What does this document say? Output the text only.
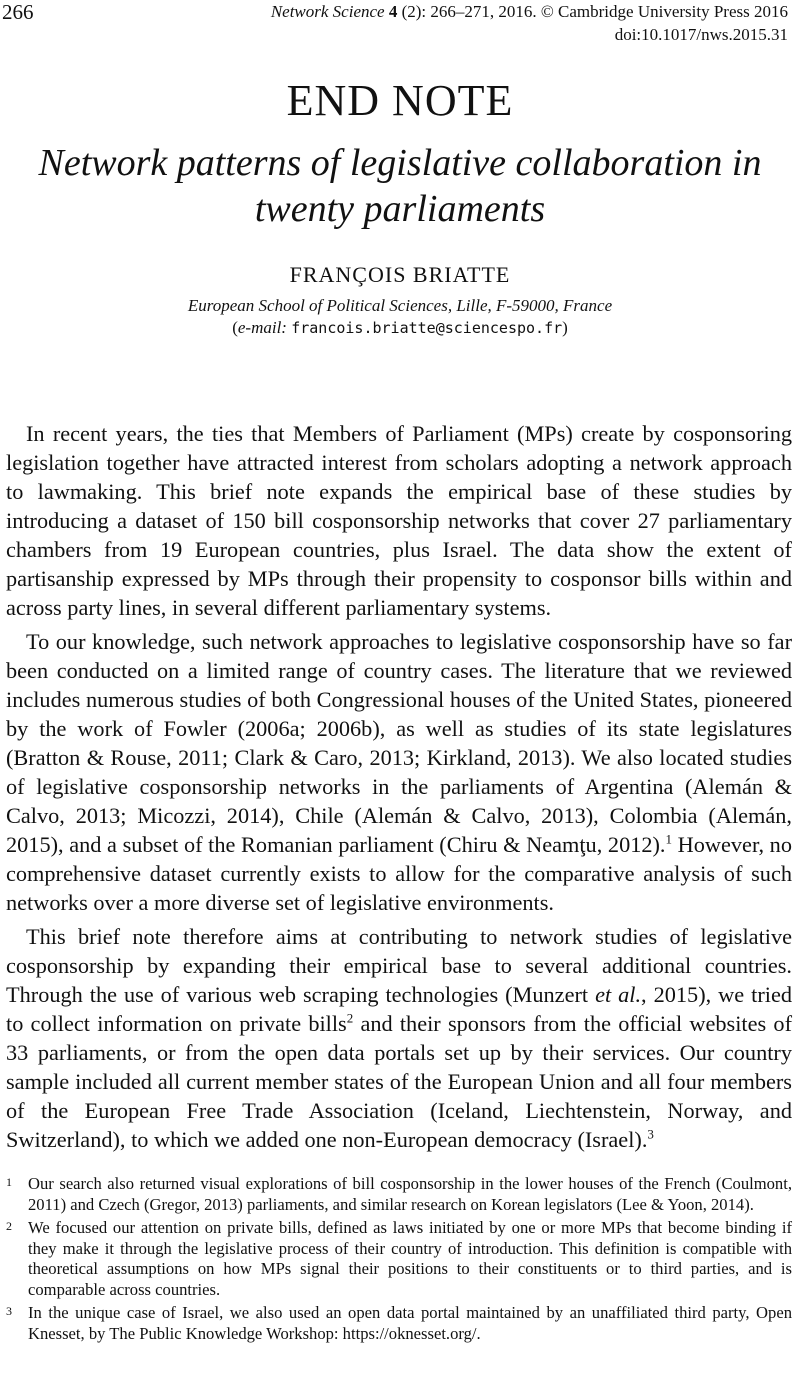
266	Network Science 4 (2): 266–271, 2016. © Cambridge University Press 2016
doi:10.1017/nws.2015.31
END NOTE
Network patterns of legislative collaboration in
twenty parliaments
FRANÇOIS BRIATTE
European School of Political Sciences, Lille, F-59000, France
(e-mail: francois.briatte@sciencespo.fr)

In recent years, the ties that Members of Parliament (MPs) create by cosponsoring legislation together have attracted interest from scholars adopting a network approach to lawmaking. This brief note expands the empirical base of these studies by introducing a dataset of 150 bill cosponsorship networks that cover 27 parliamentary chambers from 19 European countries, plus Israel. The data show the extent of partisanship expressed by MPs through their propensity to cosponsor bills within and across party lines, in several different parliamentary systems.

To our knowledge, such network approaches to legislative cosponsorship have so far been conducted on a limited range of country cases. The literature that we reviewed includes numerous studies of both Congressional houses of the United States, pioneered by the work of Fowler (2006a; 2006b), as well as studies of its state legislatures (Bratton & Rouse, 2011; Clark & Caro, 2013; Kirkland, 2013). We also located studies of legislative cosponsorship networks in the parliaments of Argentina (Alemán & Calvo, 2013; Micozzi, 2014), Chile (Alemán & Calvo, 2013), Colombia (Alemán, 2015), and a subset of the Romanian parliament (Chiru & Neamţu, 2012).$^1$ However, no comprehensive dataset currently exists to allow for the comparative analysis of such networks over a more diverse set of legislative environments.

This brief note therefore aims at contributing to network studies of legislative cosponsorship by expanding their empirical base to several additional countries. Through the use of various web scraping technologies (Munzert et al., 2015), we tried to collect information on private bills$^2$ and their sponsors from the official websites of 33 parliaments, or from the open data portals set up by their services. Our country sample included all current member states of the European Union and all four members of the European Free Trade Association (Iceland, Liechtenstein, Norway, and Switzerland), to which we added one non-European democracy (Israel).$^3$

1 Our search also returned visual explorations of bill cosponsorship in the lower houses of the French (Coulmont, 2011) and Czech (Gregor, 2013) parliaments, and similar research on Korean legislators (Lee & Yoon, 2014).
2 We focused our attention on private bills, defined as laws initiated by one or more MPs that become binding if they make it through the legislative process of their country of introduction. This definition is compatible with theoretical assumptions on how MPs signal their positions to their constituents or to third parties, and is comparable across countries.
3 In the unique case of Israel, we also used an open data portal maintained by an unaffiliated third party, Open Knesset, by The Public Knowledge Workshop: https://oknesset.org/.
